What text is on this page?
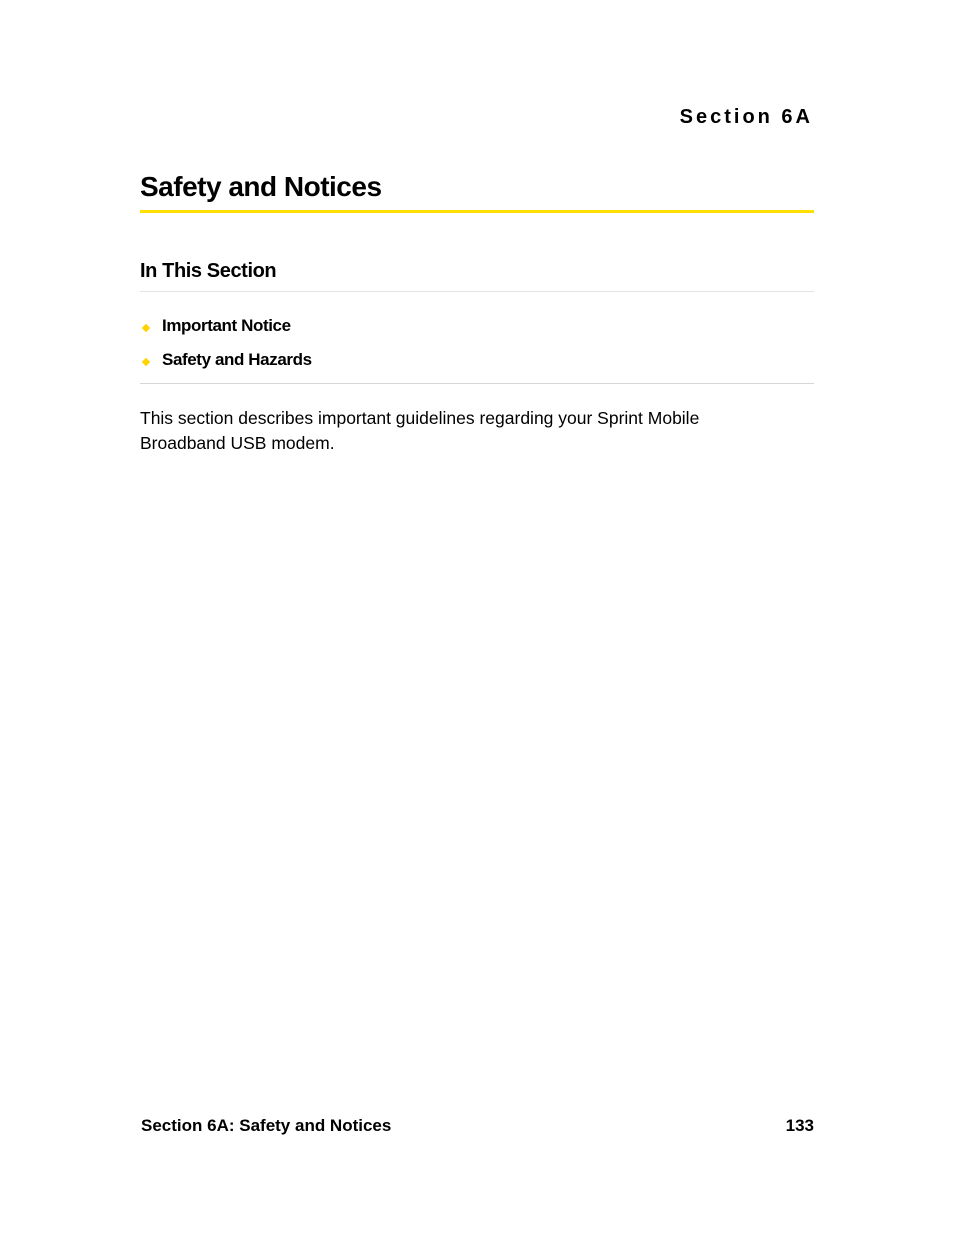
Section 6A
Safety and Notices
In This Section
Important Notice
Safety and Hazards

This section describes important guidelines regarding your Sprint Mobile Broadband USB modem.

Section 6A: Safety and Notices	133
